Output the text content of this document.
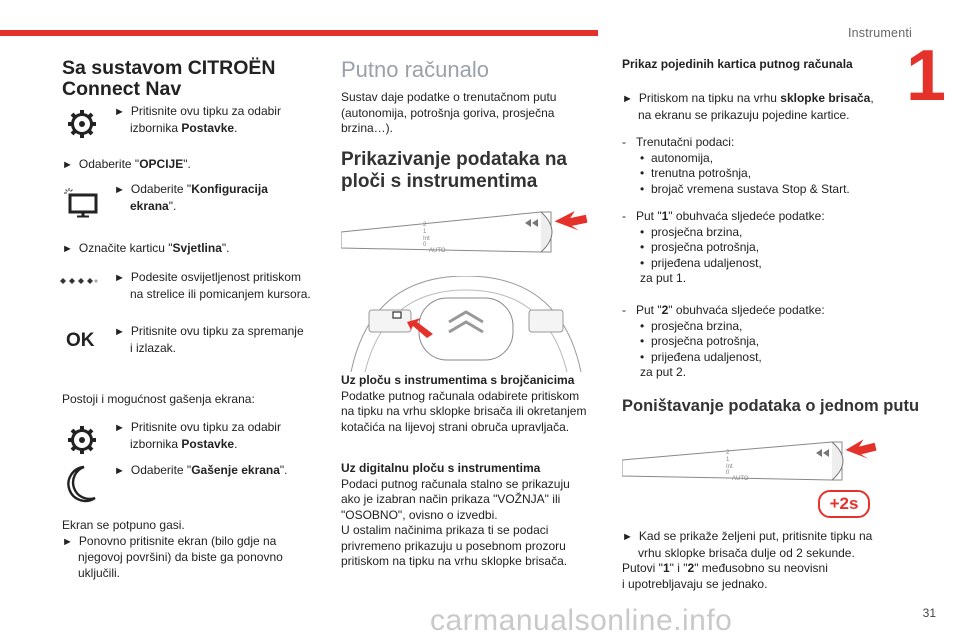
Instrumenti
1
31
carmanualsonline.info
Sa sustavom CITROËN
Connect Nav
► Pritisnite ovu tipku za odabir
izbornika Postavke.
► Odaberite "OPCIJE".
► Odaberite "Konfiguracija
ekrana".
► Označite karticu "Svjetlina".
► Podesite osvijetljenost pritiskom
na strelice ili pomicanjem kursora.
OK ► Pritisnite ovu tipku za spremanje
i izlazak.
Postoji i mogućnost gašenja ekrana:
► Pritisnite ovu tipku za odabir
izbornika Postavke.
► Odaberite "Gašenje ekrana".
Ekran se potpuno gasi.
► Ponovno pritisnite ekran (bilo gdje na
njegovoj površini) da biste ga ponovno
uključili.
Putno računalo
Sustav daje podatke o trenutačnom putu
(autonomija, potrošnja goriva, prosječna
brzina…).
Prikazivanje podataka na
ploči s instrumentima
2
1
Int
0
AUTO
Uz ploču s instrumentima s brojčanicima
Podatke putnog računala odabirete pritiskom
na tipku na vrhu sklopke brisača ili okretanjem
kotačića na lijevoj strani obruča upravljača.
Uz digitalnu ploču s instrumentima
Podaci putnog računala stalno se prikazuju
ako je izabran način prikaza "VOŽNJA" ili
"OSOBNO", ovisno o izvedbi.
U ostalim načinima prikaza ti se podaci
privremeno prikazuju u posebnom prozoru
pritiskom na tipku na vrhu sklopke brisača.
Prikaz pojedinih kartica putnog računala
► Pritiskom na tipku na vrhu sklopke brisača,
na ekranu se prikazuju pojedine kartice.
-   Trenutačni podaci:
• autonomija,
• trenutna potrošnja,
• brojač vremena sustava Stop & Start.
-   Put "1" obuhvaća sljedeće podatke:
• prosječna brzina,
• prosječna potrošnja,
• prijeđena udaljenost,
za put 1.
-   Put "2" obuhvaća sljedeće podatke:
• prosječna brzina,
• prosječna potrošnja,
• prijeđena udaljenost,
za put 2.
Poništavanje podataka o jednom putu
2
1
Int
0
AUTO
+2s
► Kad se prikaže željeni put, pritisnite tipku na
vrhu sklopke brisača dulje od 2 sekunde.
Putovi "1" i "2" međusobno su neovisni
i upotrebljavaju se jednako.
